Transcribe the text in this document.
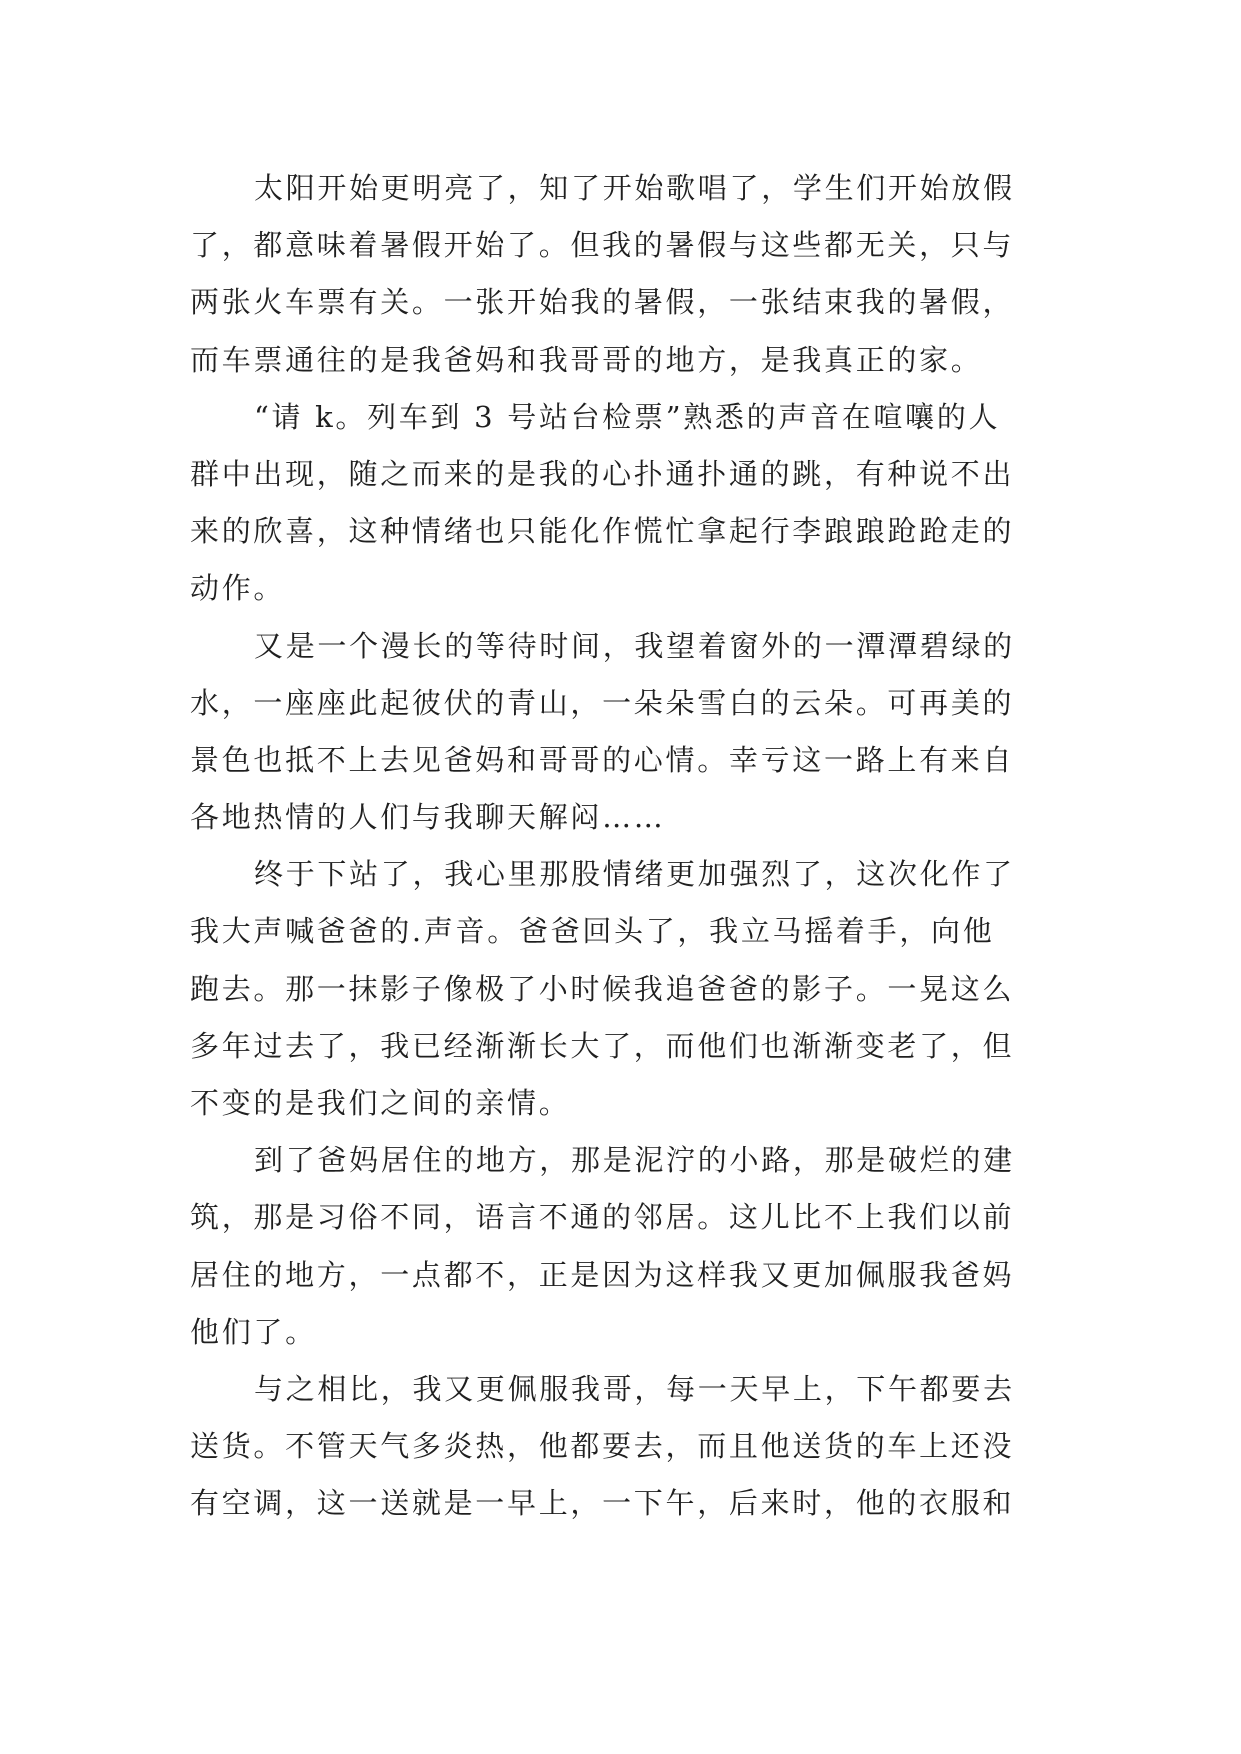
太阳开始更明亮了，知了开始歌唱了，学生们开始放假
了，都意味着暑假开始了。但我的暑假与这些都无关，只与
两张火车票有关。一张开始我的暑假，一张结束我的暑假，
而车票通往的是我爸妈和我哥哥的地方，是我真正的家。
“请 k。列车到 3 号站台检票”熟悉的声音在喧嚷的人
群中出现，随之而来的是我的心扑通扑通的跳，有种说不出
来的欣喜，这种情绪也只能化作慌忙拿起行李踉踉跄跄走的
动作。
又是一个漫长的等待时间，我望着窗外的一潭潭碧绿的
水，一座座此起彼伏的青山，一朵朵雪白的云朵。可再美的
景色也抵不上去见爸妈和哥哥的心情。幸亏这一路上有来自
各地热情的人们与我聊天解闷……
终于下站了，我心里那股情绪更加强烈了，这次化作了
我大声喊爸爸的.声音。爸爸回头了，我立马摇着手，向他
跑去。那一抹影子像极了小时候我追爸爸的影子。一晃这么
多年过去了，我已经渐渐长大了，而他们也渐渐变老了，但
不变的是我们之间的亲情。
到了爸妈居住的地方，那是泥泞的小路，那是破烂的建
筑，那是习俗不同，语言不通的邻居。这儿比不上我们以前
居住的地方，一点都不，正是因为这样我又更加佩服我爸妈
他们了。
与之相比，我又更佩服我哥，每一天早上，下午都要去
送货。不管天气多炎热，他都要去，而且他送货的车上还没
有空调，这一送就是一早上，一下午，后来时，他的衣服和
